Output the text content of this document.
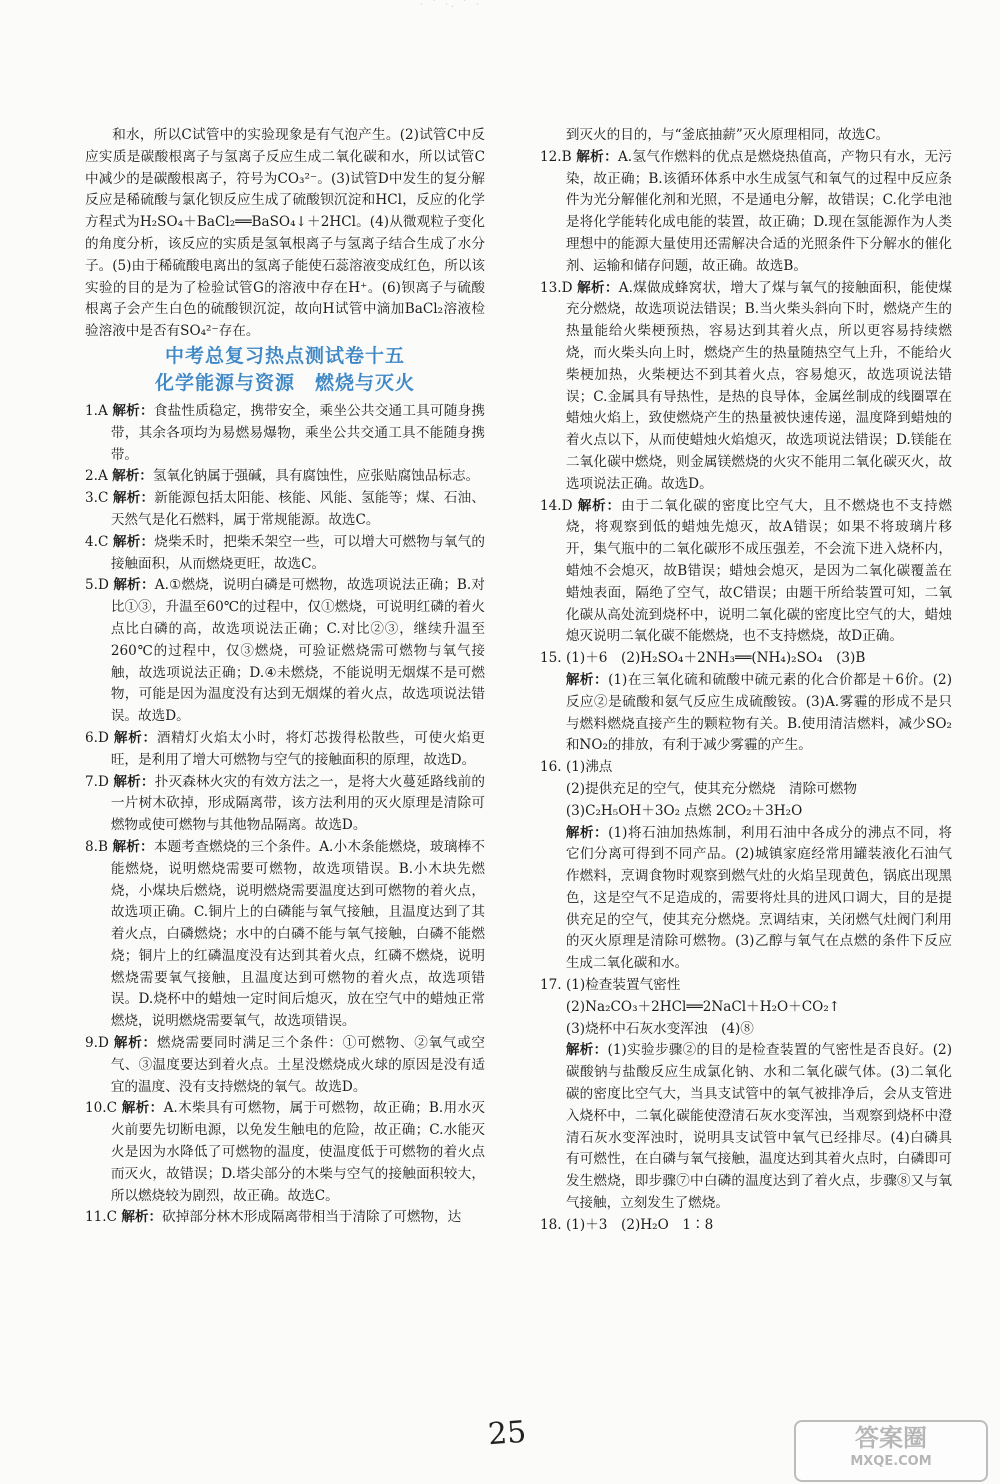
· ˙ ·. ˙ ·

和水，所以C试管中的实验现象是有气泡产生。(2)试管C中反应实质是碳酸根离子与氢离子反应生成二氧化碳和水，所以试管C中减少的是碳酸根离子，符号为CO₃²⁻。(3)试管D中发生的复分解反应是稀硫酸与氯化钡反应生成了硫酸钡沉淀和HCl，反应的化学方程式为H₂SO₄＋BaCl₂══BaSO₄↓＋2HCl。(4)从微观粒子变化的角度分析，该反应的实质是氢氧根离子与氢离子结合生成了水分子。(5)由于稀硫酸电离出的氢离子能使石蕊溶液变成红色，所以该实验的目的是为了检验试管G的溶液中存在H⁺。(6)钡离子与硫酸根离子会产生白色的硫酸钡沉淀，故向H试管中滴加BaCl₂溶液检验溶液中是否有SO₄²⁻存在。

中考总复习热点测试卷十五

化学能源与资源　燃烧与灭火

1.A 解析：食盐性质稳定，携带安全，乘坐公共交通工具可随身携带，其余各项均为易燃易爆物，乘坐公共交通工具不能随身携带。

2.A 解析：氢氧化钠属于强碱，具有腐蚀性，应张贴腐蚀品标志。

3.C 解析：新能源包括太阳能、核能、风能、氢能等；煤、石油、天然气是化石燃料，属于常规能源。故选C。

4.C 解析：烧柴禾时，把柴禾架空一些，可以增大可燃物与氧气的接触面积，从而燃烧更旺，故选C。

5.D 解析：A.①燃烧，说明白磷是可燃物，故选项说法正确；B.对比①③，升温至60℃的过程中，仅①燃烧，可说明红磷的着火点比白磷的高，故选项说法正确；C.对比②③，继续升温至260℃的过程中，仅③燃烧，可验证燃烧需可燃物与氧气接触，故选项说法正确；D.④未燃烧，不能说明无烟煤不是可燃物，可能是因为温度没有达到无烟煤的着火点，故选项说法错误。故选D。

6.D 解析：酒精灯火焰太小时，将灯芯拨得松散些，可使火焰更旺，是利用了增大可燃物与空气的接触面积的原理，故选D。

7.D 解析：扑灭森林火灾的有效方法之一，是将大火蔓延路线前的一片树木砍掉，形成隔离带，该方法利用的灭火原理是清除可燃物或使可燃物与其他物品隔离。故选D。

8.B 解析：本题考查燃烧的三个条件。A.小木条能燃烧，玻璃棒不能燃烧，说明燃烧需要可燃物，故选项错误。B.小木块先燃烧，小煤块后燃烧，说明燃烧需要温度达到可燃物的着火点，故选项正确。C.铜片上的白磷能与氧气接触，且温度达到了其着火点，白磷燃烧；水中的白磷不能与氧气接触，白磷不能燃烧；铜片上的红磷温度没有达到其着火点，红磷不燃烧，说明燃烧需要氧气接触，且温度达到可燃物的着火点，故选项错误。D.烧杯中的蜡烛一定时间后熄灭，放在空气中的蜡烛正常燃烧，说明燃烧需要氧气，故选项错误。

9.D 解析：燃烧需要同时满足三个条件：①可燃物、②氧气或空气、③温度要达到着火点。土星没燃烧成火球的原因是没有适宜的温度、没有支持燃烧的氧气。故选D。

10.C 解析：A.木柴具有可燃物，属于可燃物，故正确；B.用水灭火前要先切断电源，以免发生触电的危险，故正确；C.水能灭火是因为水降低了可燃物的温度，使温度低于可燃物的着火点而灭火，故错误；D.塔尖部分的木柴与空气的接触面积较大，所以燃烧较为剧烈，故正确。故选C。

11.C 解析：砍掉部分林木形成隔离带相当于清除了可燃物，达

到灭火的目的，与“釜底抽薪”灭火原理相同，故选C。

12.B 解析：A.氢气作燃料的优点是燃烧热值高，产物只有水，无污染，故正确；B.该循环体系中水生成氢气和氧气的过程中反应条件为光分解催化剂和光照，不是通电分解，故错误；C.化学电池是将化学能转化成电能的装置，故正确；D.现在氢能源作为人类理想中的能源大量使用还需解决合适的光照条件下分解水的催化剂、运输和储存问题，故正确。故选B。

13.D 解析：A.煤做成蜂窝状，增大了煤与氧气的接触面积，能使煤充分燃烧，故选项说法错误；B.当火柴头斜向下时，燃烧产生的热量能给火柴梗预热，容易达到其着火点，所以更容易持续燃烧，而火柴头向上时，燃烧产生的热量随热空气上升，不能给火柴梗加热，火柴梗达不到其着火点，容易熄灭，故选项说法错误；C.金属具有导热性，是热的良导体，金属丝制成的线圈罩在蜡烛火焰上，致使燃烧产生的热量被快速传递，温度降到蜡烛的着火点以下，从而使蜡烛火焰熄灭，故选项说法错误；D.镁能在二氧化碳中燃烧，则金属镁燃烧的火灾不能用二氧化碳灭火，故选项说法正确。故选D。

14.D 解析：由于二氧化碳的密度比空气大，且不燃烧也不支持燃烧，将观察到低的蜡烛先熄灭，故A错误；如果不将玻璃片移开，集气瓶中的二氧化碳形不成压强差，不会流下进入烧杯内，蜡烛不会熄灭，故B错误；蜡烛会熄灭，是因为二氧化碳覆盖在蜡烛表面，隔绝了空气，故C错误；由题干所给装置可知，二氧化碳从高处流到烧杯中，说明二氧化碳的密度比空气的大，蜡烛熄灭说明二氧化碳不能燃烧，也不支持燃烧，故D正确。

15. (1)＋6　(2)H₂SO₄＋2NH₃══(NH₄)₂SO₄　(3)B

解析：(1)在三氧化硫和硫酸中硫元素的化合价都是＋6价。(2)反应②是硫酸和氨气反应生成硫酸铵。(3)A.雾霾的形成不是只与燃料燃烧直接产生的颗粒物有关。B.使用清洁燃料，减少SO₂和NO₂的排放，有利于减少雾霾的产生。

16. (1)沸点

(2)提供充足的空气，使其充分燃烧　清除可燃物

(3)C₂H₅OH＋3O₂ 点燃 2CO₂＋3H₂O

解析：(1)将石油加热炼制，利用石油中各成分的沸点不同，将它们分离可得到不同产品。(2)城镇家庭经常用罐装液化石油气作燃料，烹调食物时观察到燃气灶的火焰呈现黄色，锅底出现黑色，这是空气不足造成的，需要将灶具的进风口调大，目的是提供充足的空气，使其充分燃烧。烹调结束，关闭燃气灶阀门利用的灭火原理是清除可燃物。(3)乙醇与氧气在点燃的条件下反应生成二氧化碳和水。

17. (1)检查装置气密性

(2)Na₂CO₃＋2HCl══2NaCl＋H₂O＋CO₂↑

(3)烧杯中石灰水变浑浊　(4)⑧

解析：(1)实验步骤②的目的是检查装置的气密性是否良好。(2)碳酸钠与盐酸反应生成氯化钠、水和二氧化碳气体。(3)二氧化碳的密度比空气大，当具支试管中的氧气被排净后，会从支管进入烧杯中，二氧化碳能使澄清石灰水变浑浊，当观察到烧杯中澄清石灰水变浑浊时，说明具支试管中氧气已经排尽。(4)白磷具有可燃性，在白磷与氧气接触，温度达到其着火点时，白磷即可发生燃烧，即步骤⑦中白磷的温度达到了着火点，步骤⑧又与氧气接触，立刻发生了燃烧。

18. (1)＋3　(2)H₂O　1∶8

25	答案圈
MXQE.COM
